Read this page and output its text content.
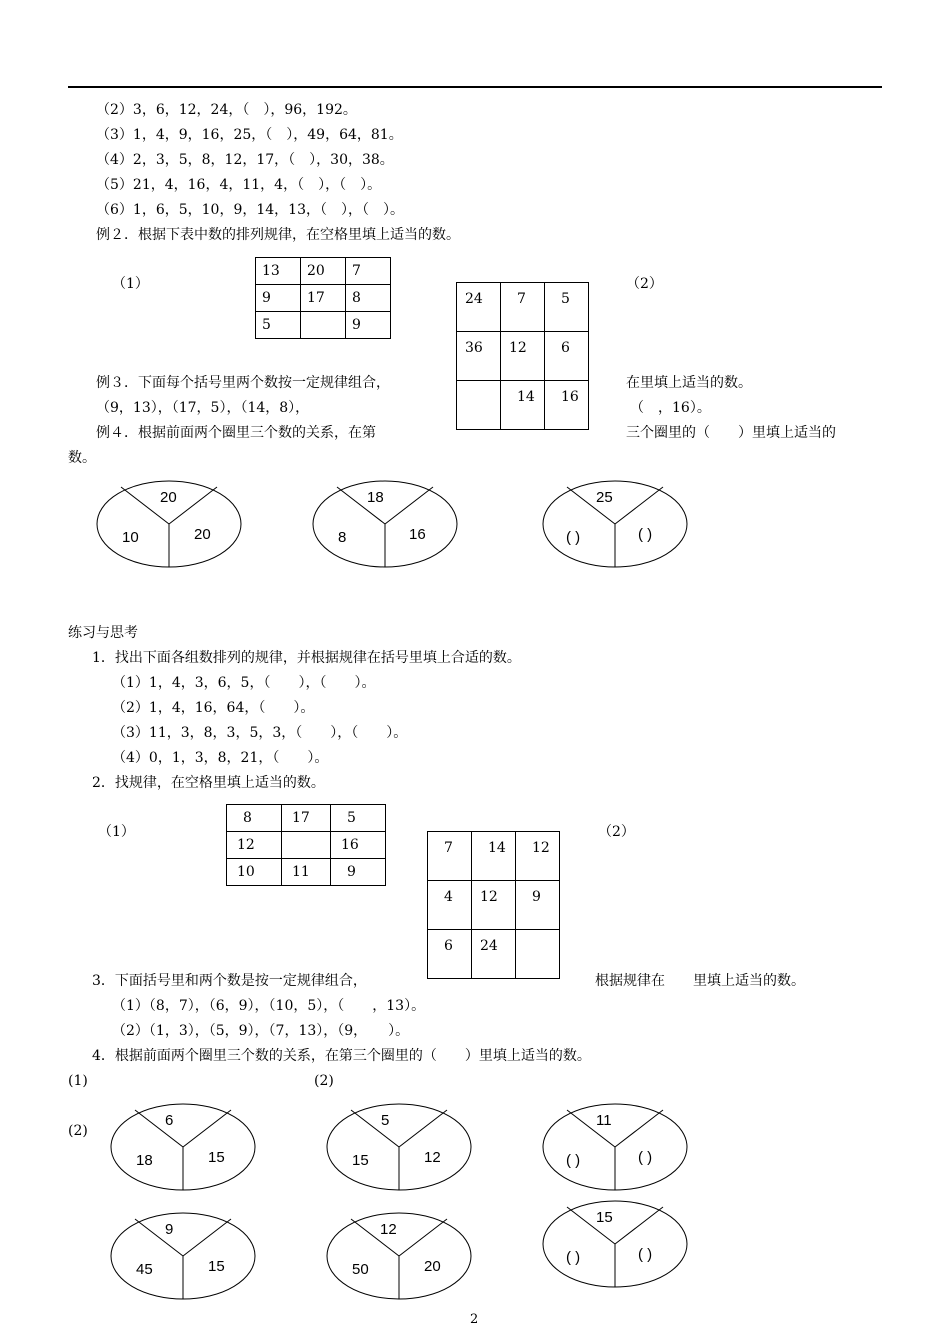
（2）3，6，12，24，（　），96，192。
（3）1，4，9，16，25，（　），49，64，81。
（4）2，3，5，8，12，17，（　），30，38。
（5）21，4，16，4，11，4，（　），（　）。
（6）1，6，5，10，9，14，13，（　），（　）。
例２．根据下表中数的排列规律，在空格里填上适当的数。
（1）	（2）
13	20	7
9	17	8
5		9
24	7	5
36	12	6
	14	16
例３．下面每个括号里两个数按一定规律组合，	在里填上适当的数。
（9，13），（17，5），（14，8），	（　，16）。
例４．根据前面两个圈里三个数的关系，在第	三个圈里的（　　）里填上适当的
数。
20
10	20
18
8	16
25
( )	( )
练习与思考
1．找出下面各组数排列的规律，并根据规律在括号里填上合适的数。
（1）1，4，3，6，5，（　　），（　　）。
（2）1，4，16，64，（　　）。
（3）11，3，8，3，5，3，（　　），（　　）。
（4）0，1，3，8，21，（　　）。
2．找规律，在空格里填上适当的数。
（1）	（2）
8	17	5
12		16
10	11	9
7	14	12
4	12	9
6	24	
3．下面括号里和两个数是按一定规律组合，	根据规律在　　里填上适当的数。
（1）（8，7），（6，9），（10，5），（　　，13）。
（2）（1，3），（5，9），（7，13），（9，　　）。
4．根据前面两个圈里三个数的关系，在第三个圈里的（　　）里填上适当的数。
(1)	(2)
(2)
6
18	15
5
15	12
11
( )	( )
9
45	15
12
50	20
15
( )	( )
2
